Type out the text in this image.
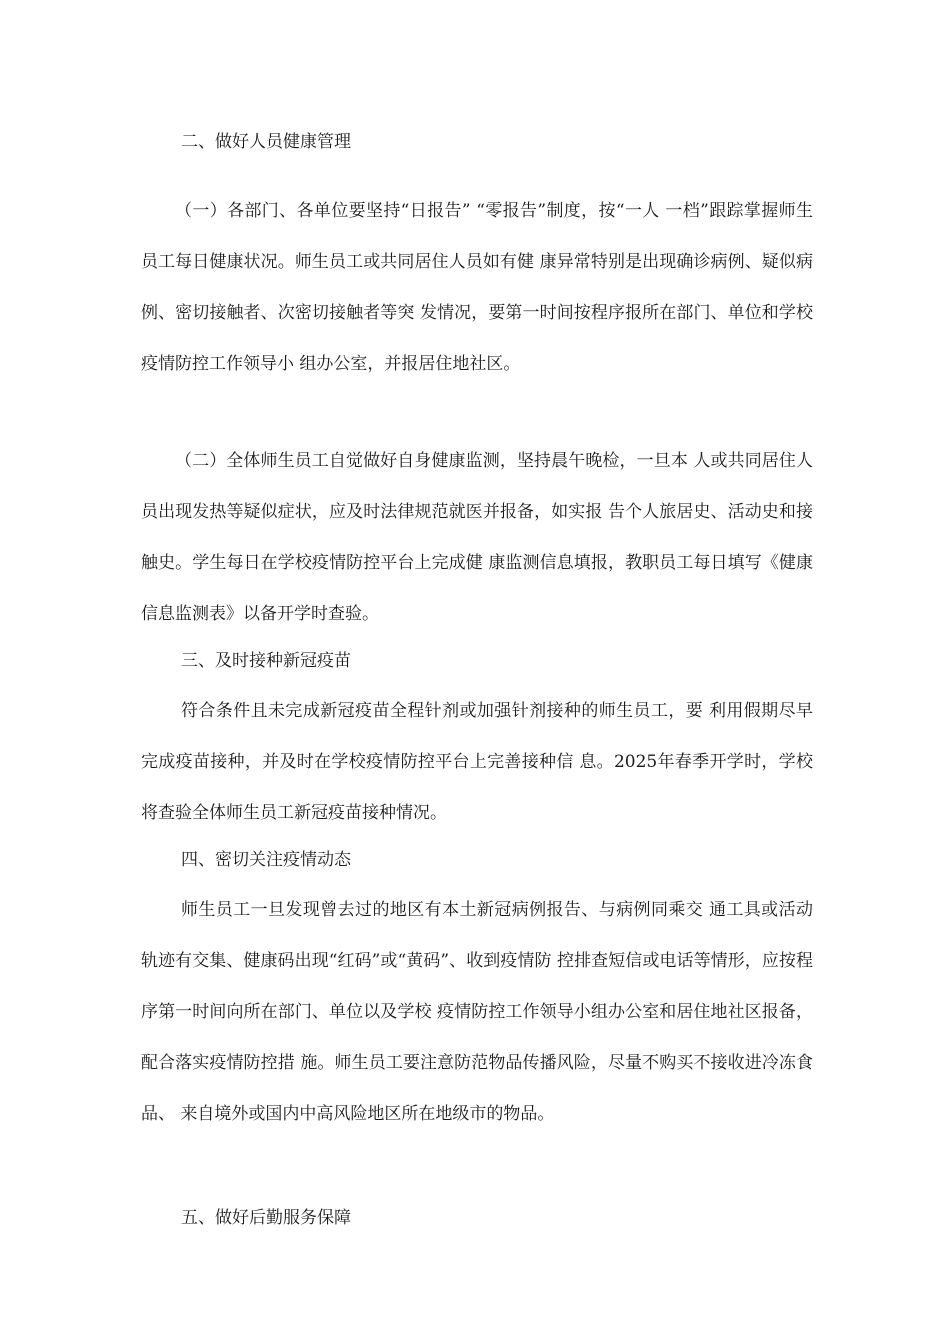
二、做好人员健康管理

（一）各部门、各单位要坚持“日报告” “零报告”制度，按“一人 一档”跟踪掌握师生员工每日健康状况。师生员工或共同居住人员如有健 康异常特别是出现确诊病例、疑似病例、密切接触者、次密切接触者等突 发情况，要第一时间按程序报所在部门、单位和学校疫情防控工作领导小 组办公室，并报居住地社区。

（二）全体师生员工自觉做好自身健康监测，坚持晨午晚检，一旦本 人或共同居住人员出现发热等疑似症状，应及时法律规范就医并报备，如实报 告个人旅居史、活动史和接触史。学生每日在学校疫情防控平台上完成健 康监测信息填报，教职员工每日填写《健康信息监测表》以备开学时查验。

三、及时接种新冠疫苗

符合条件且未完成新冠疫苗全程针剂或加强针剂接种的师生员工，要 利用假期尽早完成疫苗接种，并及时在学校疫情防控平台上完善接种信 息。2025年春季开学时，学校将查验全体师生员工新冠疫苗接种情况。

四、密切关注疫情动态

师生员工一旦发现曾去过的地区有本土新冠病例报告、与病例同乘交 通工具或活动轨迹有交集、健康码出现“红码”或“黄码”、收到疫情防 控排查短信或电话等情形，应按程序第一时间向所在部门、单位以及学校 疫情防控工作领导小组办公室和居住地社区报备，配合落实疫情防控措 施。师生员工要注意防范物品传播风险，尽量不购买不接收进冷冻食品、 来自境外或国内中高风险地区所在地级市的物品。

五、做好后勤服务保障
